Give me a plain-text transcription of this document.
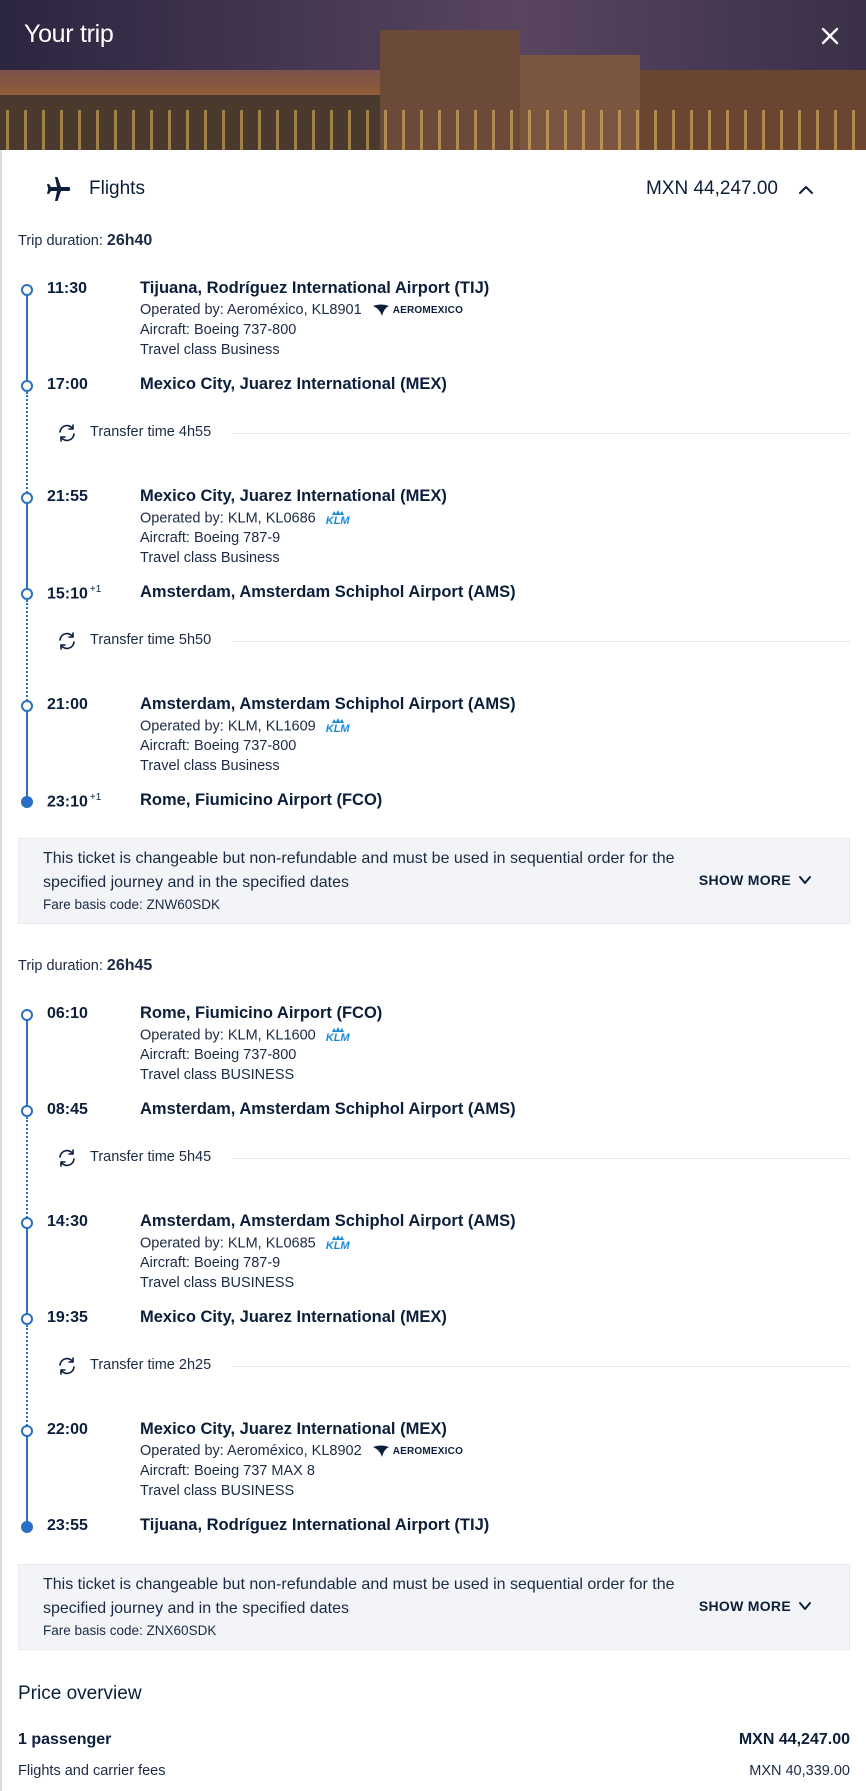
Your trip
Flights	MXN 44,247.00
Trip duration: 26h40
11:30	Tijuana, Rodríguez International Airport (TIJ)
Operated by: Aeroméxico, KL8901	AEROMEXICO
Aircraft: Boeing 737-800
Travel class Business
17:00	Mexico City, Juarez International (MEX)
Transfer time 4h55
21:55	Mexico City, Juarez International (MEX)
Operated by: KLM, KL0686 KLM
Aircraft: Boeing 787-9
Travel class Business
15:10 $^{+1}$ Amsterdam, Amsterdam Schiphol Airport (AMS)
Transfer time 5h50
21:00	Amsterdam, Amsterdam Schiphol Airport (AMS)
Operated by: KLM, KL1609 KLM
Aircraft: Boeing 737-800
Travel class Business
23:10 $^{+1}$ Rome, Fiumicino Airport (FCO)
This ticket is changeable but non-refundable and must be used in sequential order for the specified journey and in the specified dates
Fare basis code: ZNW60SDK
SHOW MORE
Trip duration: 26h45
06:10	Rome, Fiumicino Airport (FCO)
Operated by: KLM, KL1600 KLM
Aircraft: Boeing 737-800
Travel class BUSINESS
08:45	Amsterdam, Amsterdam Schiphol Airport (AMS)
Transfer time 5h45
14:30	Amsterdam, Amsterdam Schiphol Airport (AMS)
Operated by: KLM, KL0685 KLM
Aircraft: Boeing 787-9
Travel class BUSINESS
19:35	Mexico City, Juarez International (MEX)
Transfer time 2h25
22:00	Mexico City, Juarez International (MEX)
Operated by: Aeroméxico, KL8902	AEROMEXICO
Aircraft: Boeing 737 MAX 8
Travel class BUSINESS
23:55	Tijuana, Rodríguez International Airport (TIJ)
This ticket is changeable but non-refundable and must be used in sequential order for the specified journey and in the specified dates
Fare basis code: ZNX60SDK
SHOW MORE
Price overview
1 passenger	MXN 44,247.00
Flights and carrier fees	MXN 40,339.00
